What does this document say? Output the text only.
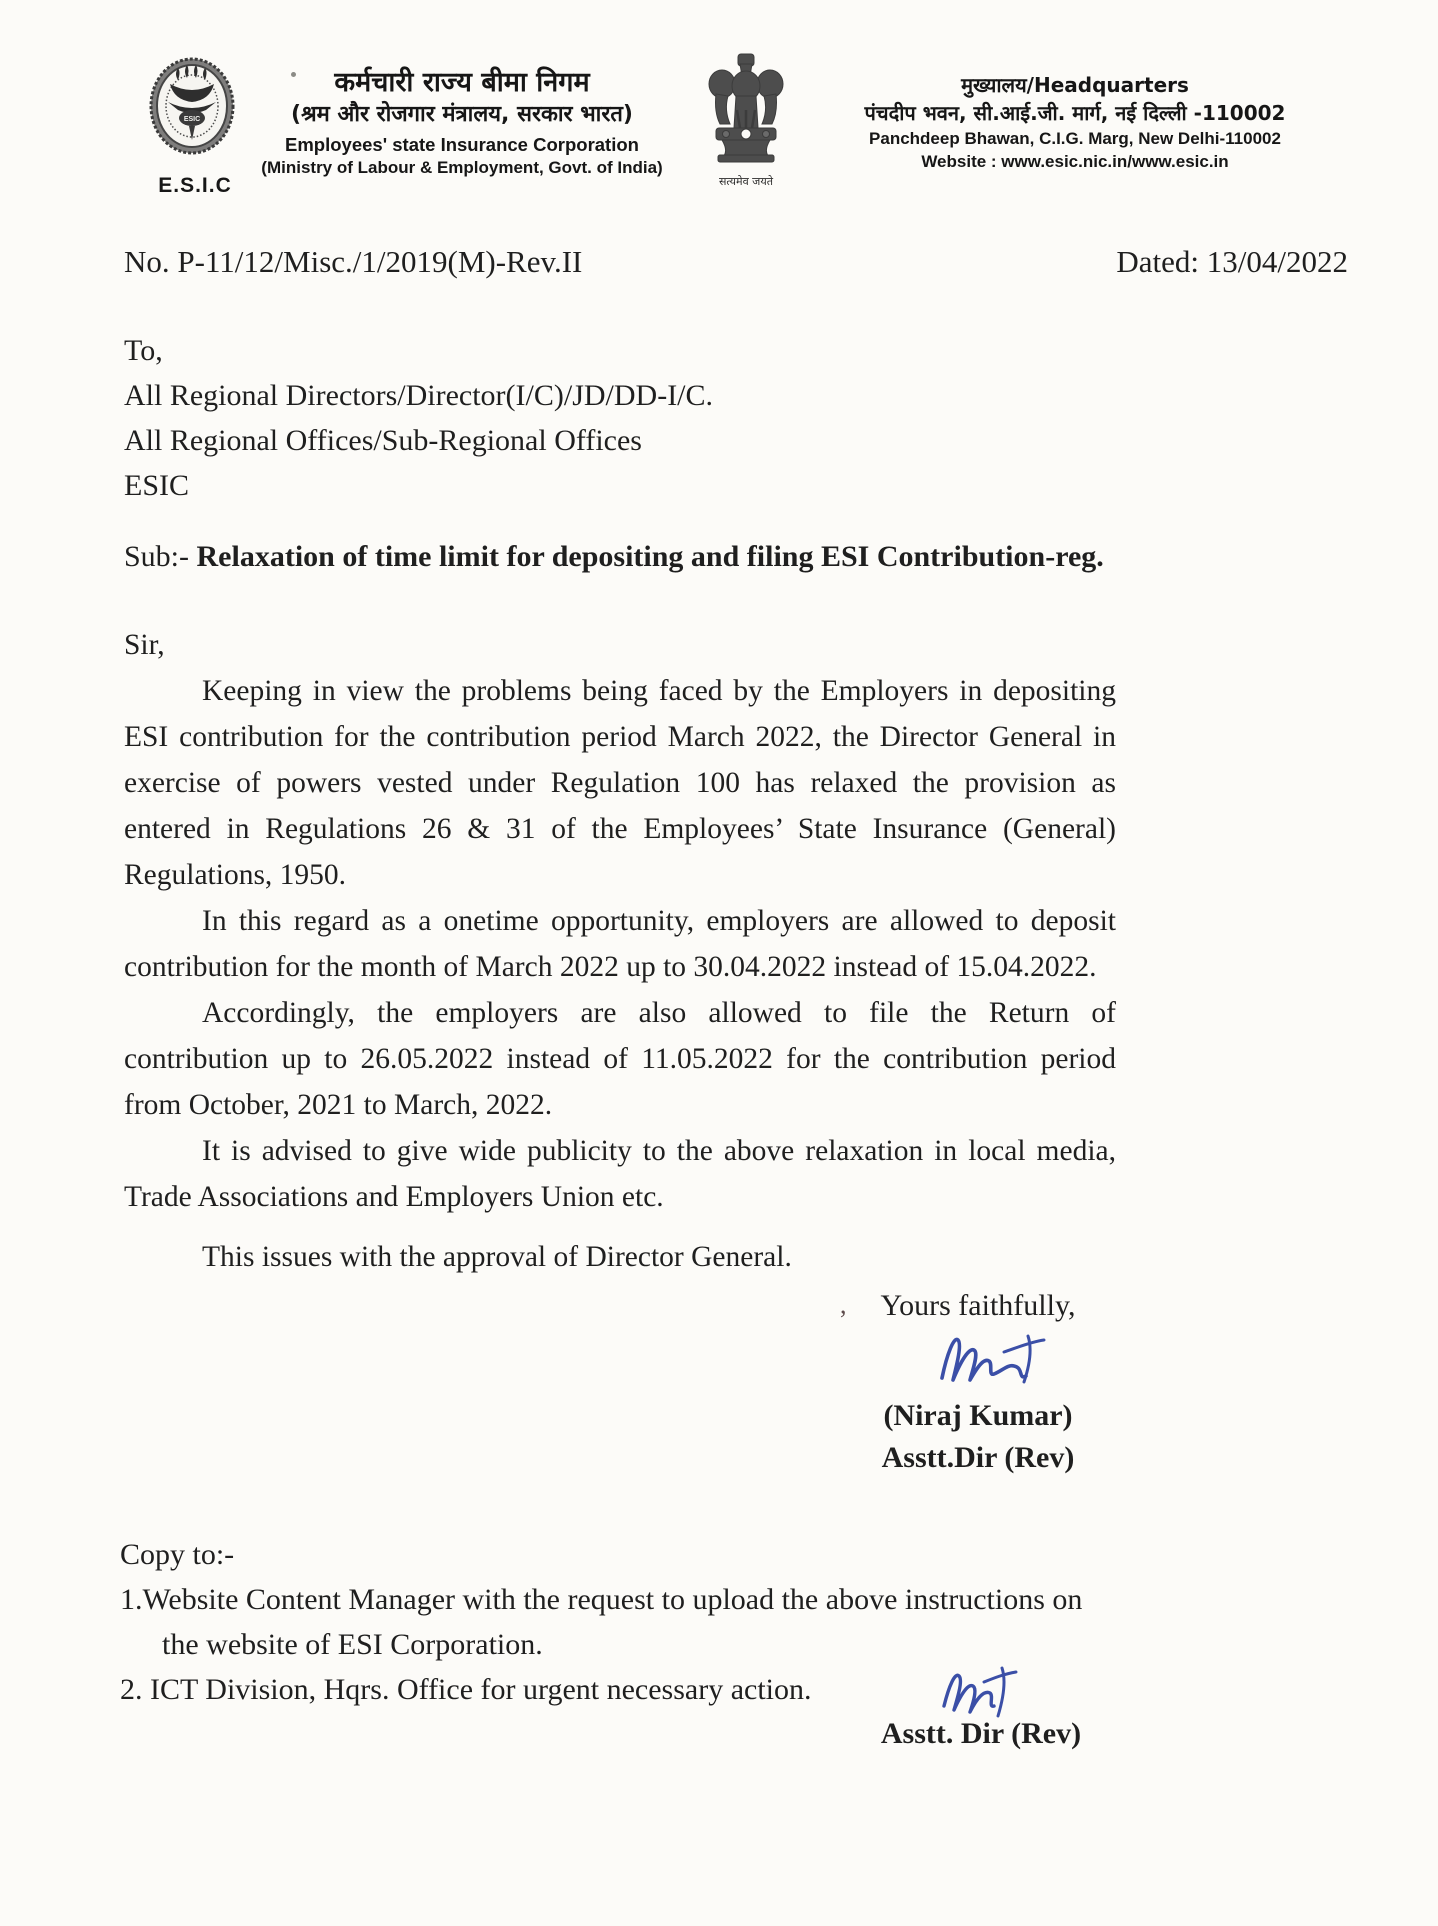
ESIC
E.S.I.C
कर्मचारी राज्य बीमा निगम
(श्रम और रोजगार मंत्रालय, सरकार भारत)
Employees' state Insurance Corporation
(Ministry of Labour & Employment, Govt. of India)
सत्यमेव जयते
मुख्यालय/Headquarters
पंचदीप भवन, सी.आई.जी. मार्ग, नई दिल्ली -110002
Panchdeep Bhawan, C.I.G. Marg, New Delhi-110002
Website : www.esic.nic.in/www.esic.in
No. P-11/12/Misc./1/2019(M)-Rev.II	Dated: 13/04/2022
To,
All Regional Directors/Director(I/C)/JD/DD-I/C.
All Regional Offices/Sub-Regional Offices
ESIC
Sub:- Relaxation of time limit for depositing and filing ESI Contribution-reg.

Sir,

Keeping in view the problems being faced by the Employers in depositing ESI contribution for the contribution period March 2022, the Director General in exercise of powers vested under Regulation 100 has relaxed the provision as entered in Regulations 26 & 31 of the Employees’ State Insurance (General) Regulations, 1950.

In this regard as a onetime opportunity, employers are allowed to deposit contribution for the month of March 2022 up to 30.04.2022 instead of 15.04.2022.

Accordingly, the employers are also allowed to file the Return of contribution up to 26.05.2022 instead of 11.05.2022 for the contribution period from October, 2021 to March, 2022.

It is advised to give wide publicity to the above relaxation in local media, Trade Associations and Employers Union etc.

This issues with the approval of Director General.

,	Yours faithfully,
(Niraj Kumar)
Asstt.Dir (Rev)
Copy to:-
1.Website Content Manager with the request to upload the above instructions on
the website of ESI Corporation.
2. ICT Division, Hqrs. Office for urgent necessary action.
Asstt. Dir (Rev)
